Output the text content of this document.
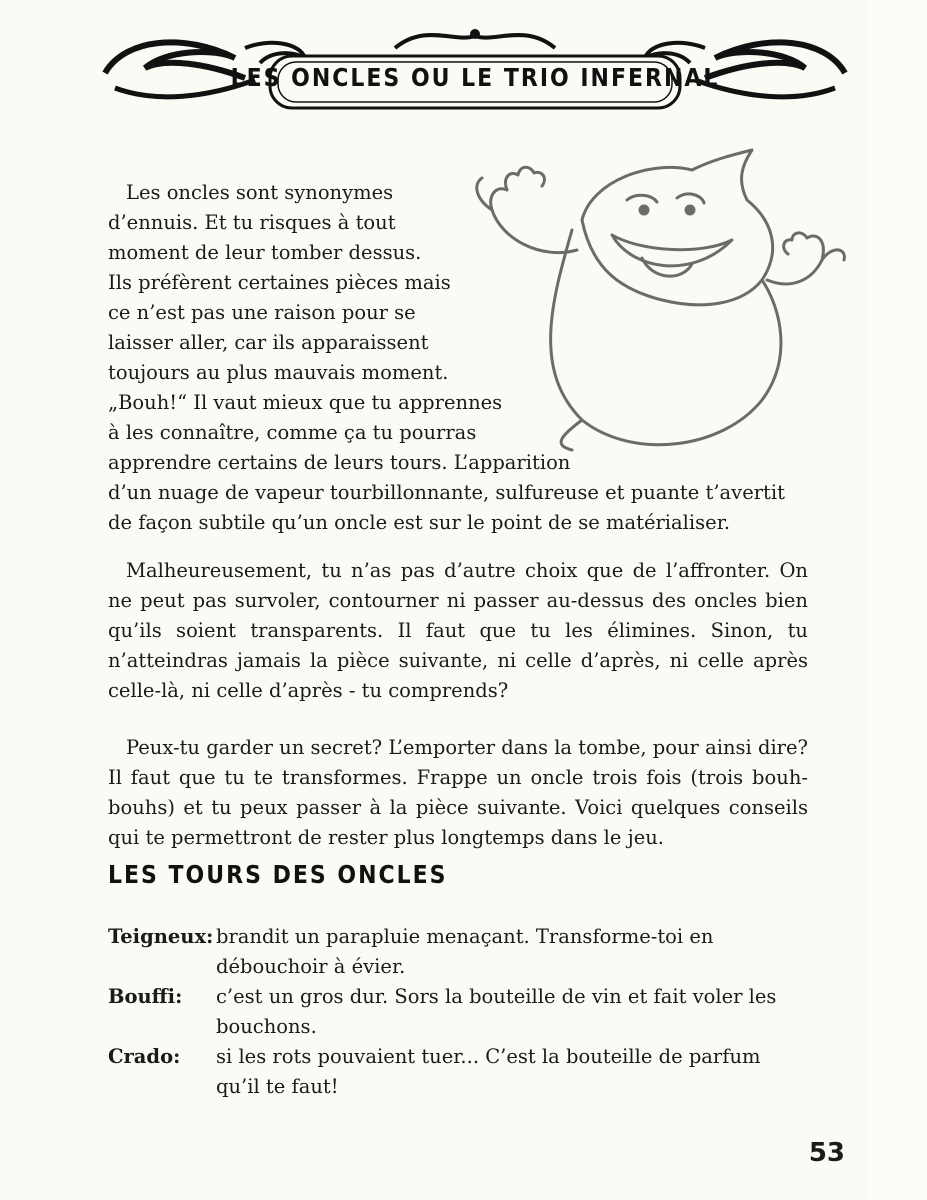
LES ONCLES OU LE TRIO INFERNAL
Les oncles sont synonymes
d’ennuis. Et tu risques à tout
moment de leur tomber dessus.
Ils préfèrent certaines pièces mais
ce n’est pas une raison pour se
laisser aller, car ils apparaissent
toujours au plus mauvais moment.
„Bouh!“ Il vaut mieux que tu apprennes
à les connaître, comme ça tu pourras
apprendre certains de leurs tours. L’apparition
d’un nuage de vapeur tourbillonnante, sulfureuse et puante t’avertit
de façon subtile qu’un oncle est sur le point de se matérialiser.

Malheureusement, tu n’as pas d’autre choix que de l’affronter. On ne peut pas survoler, contourner ni passer au-dessus des oncles bien qu’ils soient transparents. Il faut que tu les élimines. Sinon, tu n’atteindras jamais la pièce suivante, ni celle d’après, ni celle après celle-là, ni celle d’après - tu comprends?

Peux-tu garder un secret? L’emporter dans la tombe, pour ainsi dire? Il faut que tu te transformes. Frappe un oncle trois fois (trois bouh-bouhs) et tu peux passer à la pièce suivante. Voici quelques conseils qui te permettront de rester plus longtemps dans le jeu.

LES TOURS DES ONCLES
Teigneux: brandit un parapluie menaçant. Transforme-toi en débouchoir à évier.
Bouffi:	c’est un gros dur. Sors la bouteille de vin et fait voler les bouchons.
Crado:	si les rots pouvaient tuer... C’est la bouteille de parfum qu’il te faut!
53
